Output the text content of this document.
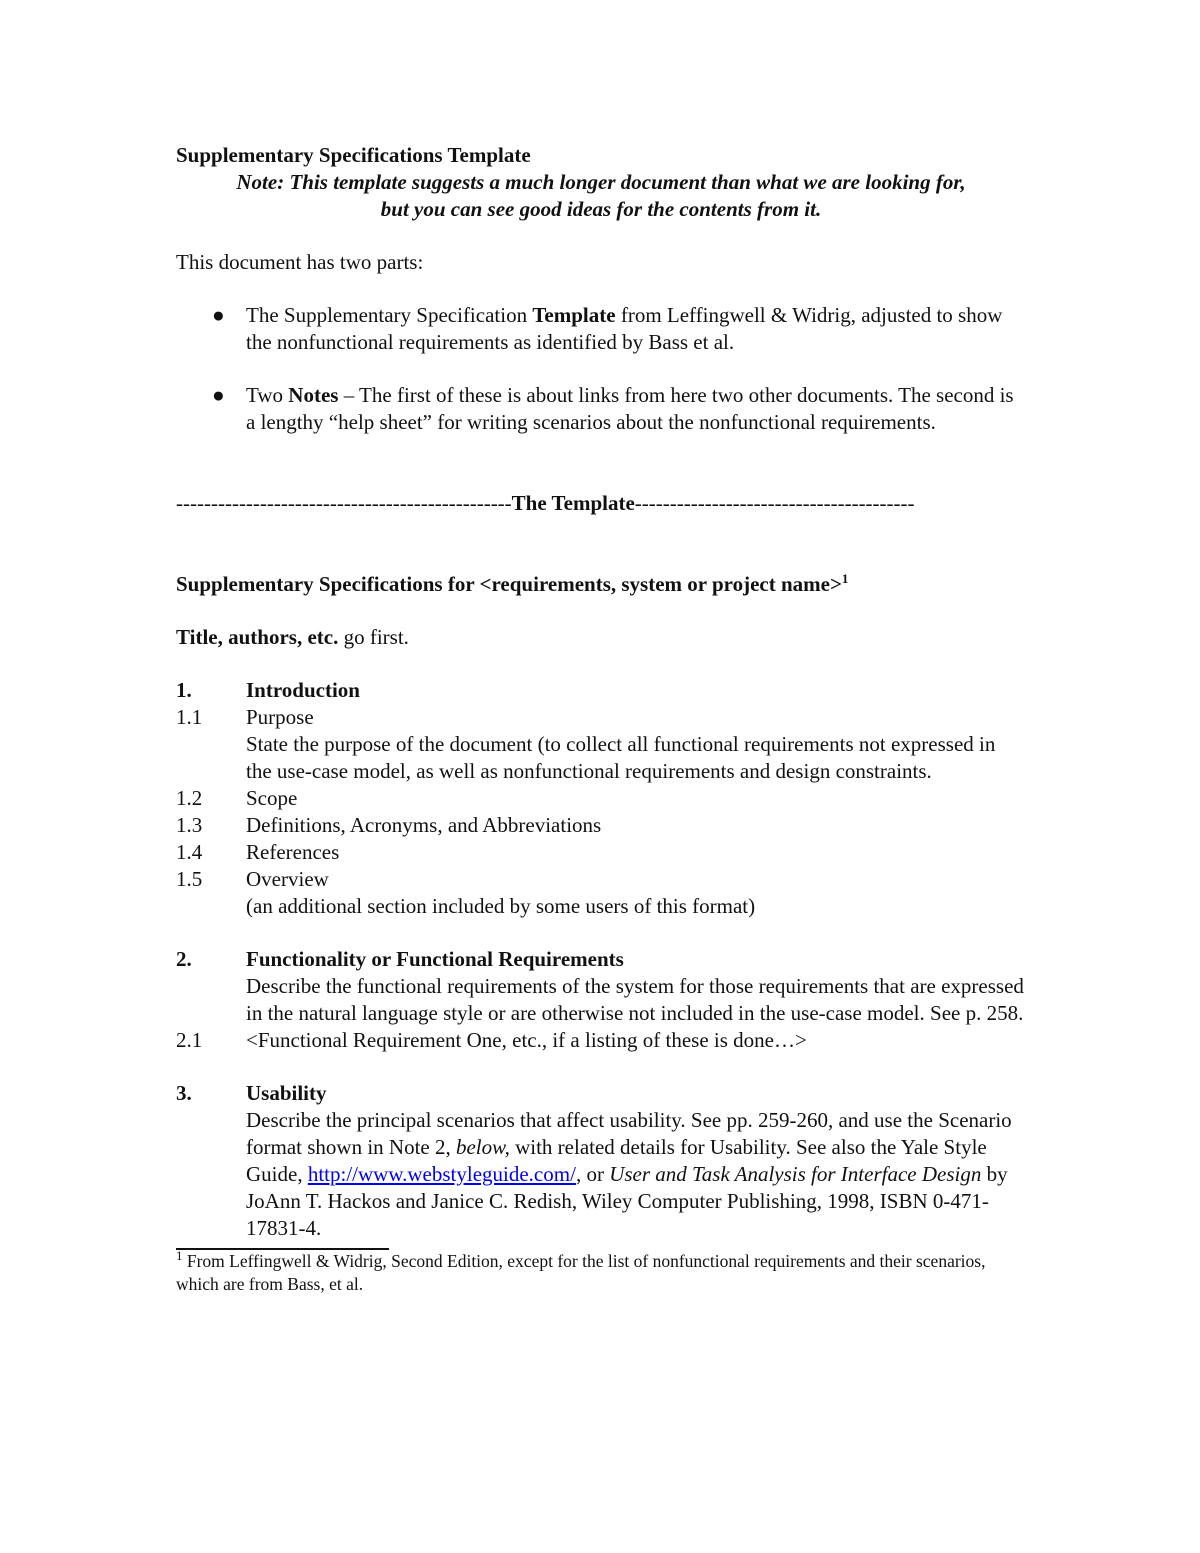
Supplementary Specifications Template
Note: This template suggests a much longer document than what we are looking for,
but you can see good ideas for the contents from it.
This document has two parts:
● The Supplementary Specification Template from Leffingwell & Widrig, adjusted to show the nonfunctional requirements as identified by Bass et al.
● Two Notes – The first of these is about links from here two other documents. The second is a lengthy “help sheet” for writing scenarios about the nonfunctional requirements.
------------------------------------------------The Template----------------------------------------
Supplementary Specifications for <requirements, system or project name>$^1$
Title, authors, etc. go first.
1.	Introduction
1.1 Purpose
State the purpose of the document (to collect all functional requirements not expressed in the use-case model, as well as nonfunctional requirements and design constraints.
1.2 Scope
1.3 Definitions, Acronyms, and Abbreviations
1.4 References
1.5 Overview
(an additional section included by some users of this format)
2.	Functionality or Functional Requirements
Describe the functional requirements of the system for those requirements that are expressed in the natural language style or are otherwise not included in the use-case model. See p. 258.
2.1 <Functional Requirement One, etc., if a listing of these is done…>
3.	Usability
Describe the principal scenarios that affect usability. See pp. 259-260, and use the Scenario format shown in Note 2, below, with related details for Usability. See also the Yale Style Guide, http://www.webstyleguide.com/, or User and Task Analysis for Interface Design by JoAnn T. Hackos and Janice C. Redish, Wiley Computer Publishing, 1998, ISBN 0-471-17831-4.
$^1$ From Leffingwell & Widrig, Second Edition, except for the list of nonfunctional requirements and their scenarios, which are from Bass, et al.
